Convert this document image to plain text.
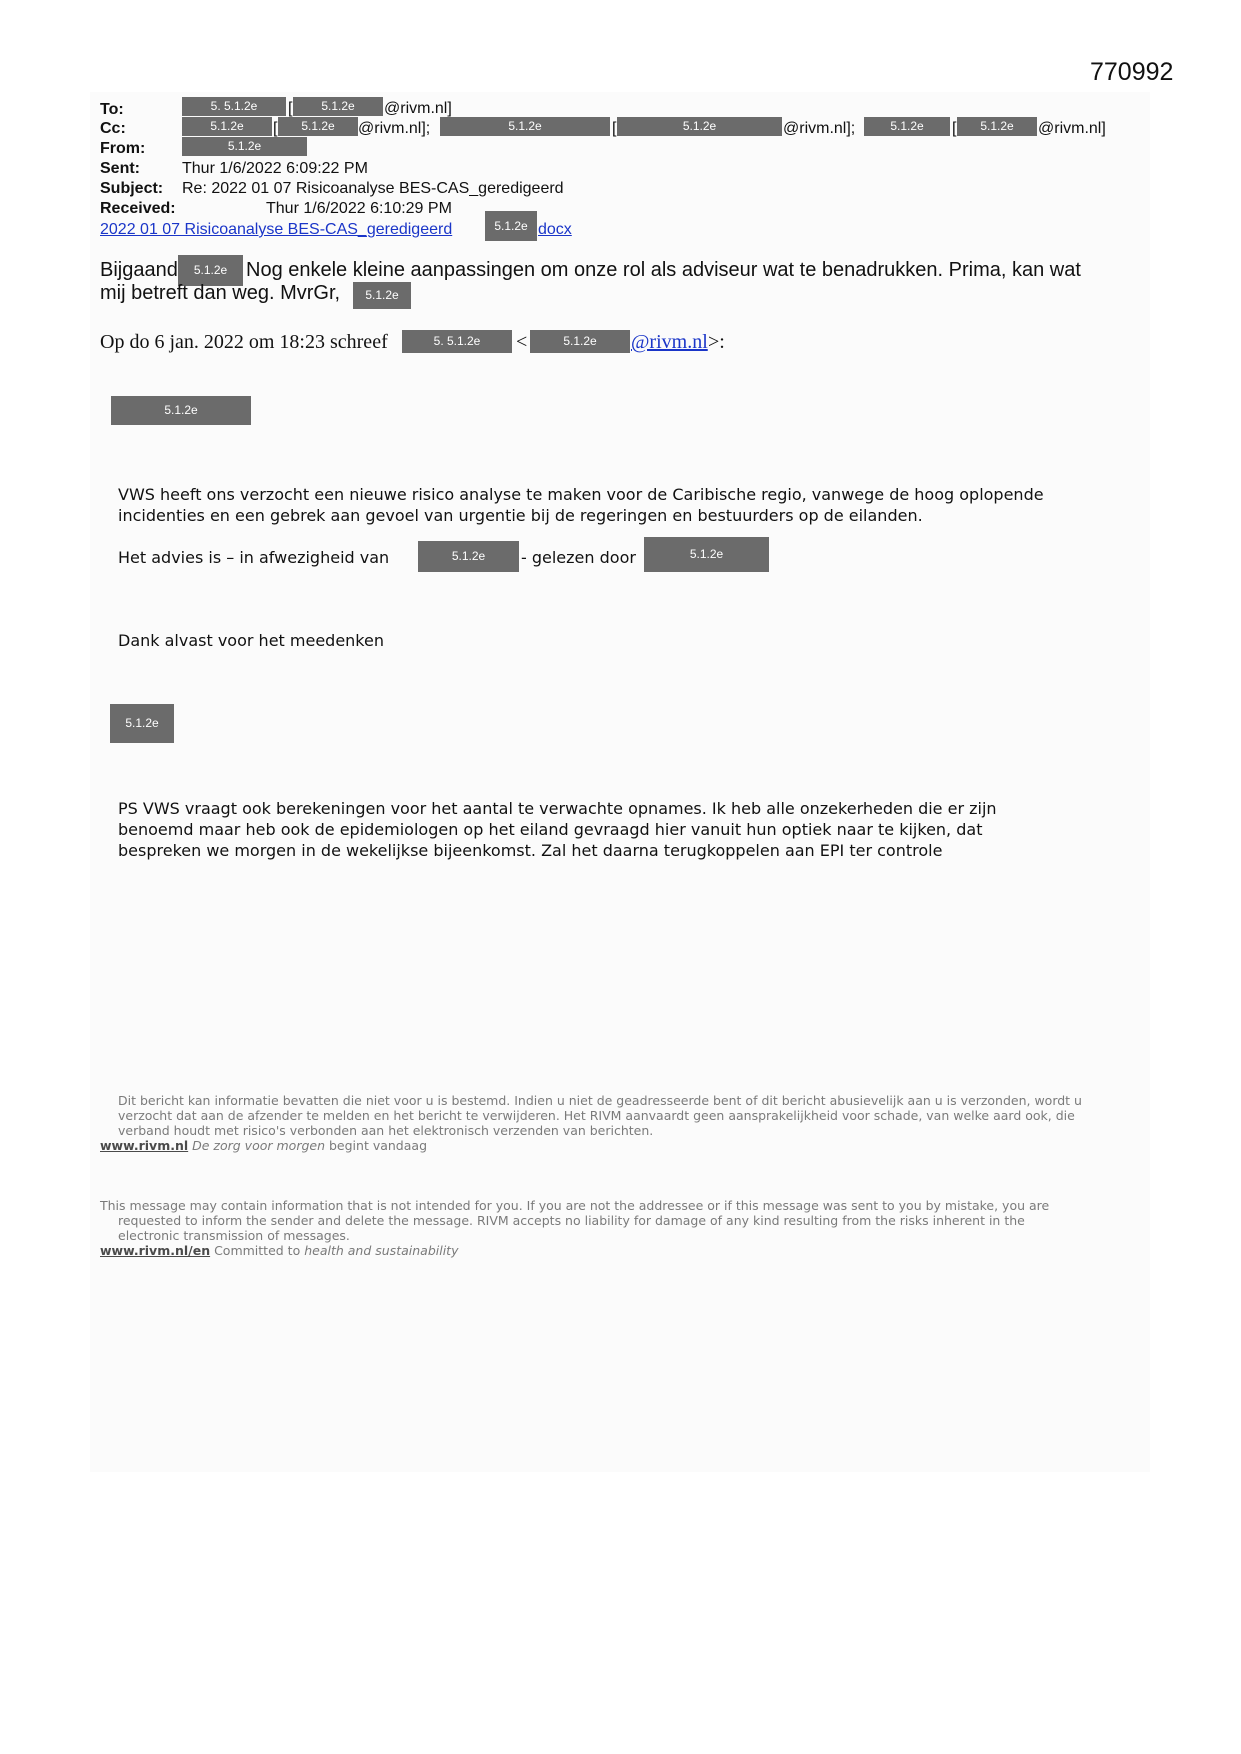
770992
To:	5. 5.1.2e	[	5.1.2e	@rivm.nl]
Cc:	5.1.2e	[	5.1.2e	@rivm.nl];	5.1.2e	[	5.1.2e	@rivm.nl];	5.1.2e	[	5.1.2e	@rivm.nl]
From:	5.1.2e
Sent:	Thur 1/6/2022 6:09:22 PM
Subject: Re: 2022 01 07 Risicoanalyse BES-CAS_geredigeerd
Received:	Thur 1/6/2022 6:10:29 PM
2022 01 07 Risicoanalyse BES-CAS_geredigeerd	5.1.2e docx
Bijgaand	5.1.2e Nog enkele kleine aanpassingen om onze rol als adviseur wat te benadrukken. Prima, kan wat
mij betreft dan weg. MvrGr,	5.1.2e
Op do 6 jan. 2022 om 18:23 schreef	5. 5.1.2e	<	5.1.2e	@rivm.nl >:
5.1.2e
VWS heeft ons verzocht een nieuwe risico analyse te maken voor de Caribische regio, vanwege de hoog oplopende
incidenties en een gebrek aan gevoel van urgentie bij de regeringen en bestuurders op de eilanden.
Het advies is – in afwezigheid van	5.1.2e	- gelezen door	5.1.2e
Dank alvast voor het meedenken
5.1.2e
PS VWS vraagt ook berekeningen voor het aantal te verwachte opnames. Ik heb alle onzekerheden die er zijn
benoemd maar heb ook de epidemiologen op het eiland gevraagd hier vanuit hun optiek naar te kijken, dat
bespreken we morgen in de wekelijkse bijeenkomst. Zal het daarna terugkoppelen aan EPI ter controle
Dit bericht kan informatie bevatten die niet voor u is bestemd. Indien u niet de geadresseerde bent of dit bericht abusievelijk aan u is verzonden, wordt u
verzocht dat aan de afzender te melden en het bericht te verwijderen. Het RIVM aanvaardt geen aansprakelijkheid voor schade, van welke aard ook, die
verband houdt met risico's verbonden aan het elektronisch verzenden van berichten.
www.rivm.nl De zorg voor morgen begint vandaag
This message may contain information that is not intended for you. If you are not the addressee or if this message was sent to you by mistake, you are
requested to inform the sender and delete the message. RIVM accepts no liability for damage of any kind resulting from the risks inherent in the
electronic transmission of messages.
www.rivm.nl/en Committed to health and sustainability
